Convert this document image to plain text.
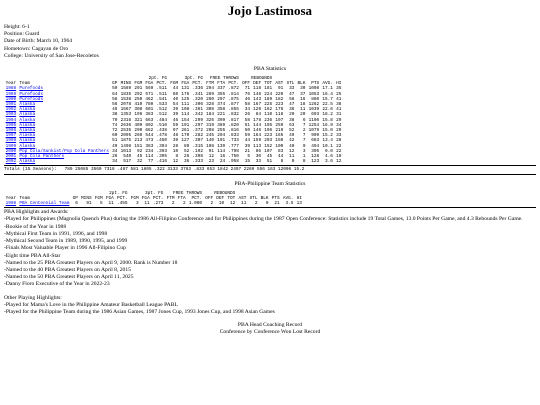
Jojo Lastimosa
Height: 6-1
Position: Guard
Date of Birth: March 10, 1964
Hometown: Cagayan de Oro
College: University of San Jose-Recoletos
PBA Statistics
				2pt. FG			3pt. FG			FREE THROWS			REBOUNDS								
Year	Team	GP	MINS	FGM	FGA	PCT.	FGM	FGA	PCT.	FTM	FTA	PCT.	OFF	DEF	TOT	AST	STL	BLK	PTS	AVG.	HI
1988	Purefoods	59	1589	291	569	.511	44	131	.336	294	337	.872	71	118	181	91	33	30	1008	17.1	35
1989	Purefoods	64	1835	292	571	.511	60	176	.341	289	355	.814	76	146	224	220	47	37	1053	16.4	25
1990	Purefoods	56	1538	250	462	.541	40	125	.320	260	297	.875	46	143	189	182	58	16	880	15.7	41
1991	Alaska	56	2078	410	780	.533	54	111	.306	328	374	.877	58	167	225	223	47	18	1262	22.5	38
1992	Alaska	46	1667	308	601	.512	39	108	.361	308	358	.855	34	120	162	176	36	11	1039	22.6	41
1993	Alaska	38	1353	196	383	.512	39	114	.342	184	221	.832	26	84	110	118	20	20	693	18.2	31
1994	Alaska	70	2316	321	663	.484	46	154	.299	326	399	.817	58	178	236	197	38	6	1106	15.8	29
1995	Alaska	74	2636	409	802	.510	59	191	.297	319	389	.820	51	144	195	259	63	7	1254	16.9	34
1996	Alaska	72	2535	290	662	.438	97	261	.372	208	255	.816	50	146	196	219	52	2	1079	15.0	29
1997	Alaska	60	2095	260	544	.478	48	170	.282	245	294	.833	59	164	223	165	49	7	909	15.2	33
1998	Alaska	51	1875	213	473	.450	39	127	.307	140	191	.733	44	159	203	150	42	7	683	13.4	28
1999	Alaska	49	1498	151	383	.394	28	89	.315	108	139	.777	39	113	152	100	40	0	494	10.1	22
2000	Pop Cola/Sunkist/Pop Cola Panthers	34	1013	92	234	.393	10	52	.192	91	114	.798	21	86	107	83	12	3	305	9.0	22
2001	Pop Cola Panthers	26	540	45	114	.395	8	26	.308	12	16	.750	5	30	45	44	11	1	128	4.6	10
2002	Alaska	34	517	32	77	.416	12	36	.333	23	24	.958	15	33	51	8	0	8	123	3.6	12
Totals (15 Seasons):   789 25085 3560 7318 .487 581 1805 .322 3133 3763 .833 653 1842 2497 2260 556 163 12006 15.2
PBA-Philippine Team Statistics
				2pt. FG			3pt. FG			FREE THROWS			REBOUNDS								
Year	Team	GP	MINS	FGM	FGA	PCT.	FGM	FGA	PCT.	FTM	FTA	PCT.	OFF	DEF	TOT	AST	STL	BLK	PTS	AVG.	HI
1998	PBA Centennial Team	6	91	5	11	.455	3	11	.273	2	2	1.000	2	10	12	11	2	0	21	3.5	13
PBA Highlights and Awards:
-Played for Philippines (Magnolia Quench Plus) during the 1986 All-Filipino Conference and for Philippines during the 1987 Open Conference: Statistics include 19 Total Games, 13.0 Points Per Game, and 4.3 Rebounds Per Game.
-Rookie of the Year in 1988
-Mythical First Team in 1991, 1996, and 1998
-Mythical Second Team in 1989, 1990, 1995, and 1999
-Finals Most Valuable Player in 1996 All-Filipino Cup
-Eight time PBA All-Star
-Named to the 25 PBA Greatest Players on April 9, 2000. Rank is Number 18
-Named to the 40 PBA Greatest Players on April 8, 2015
-Named to the 50 PBA Greatest Players on April 11, 2025
-Danny Floro Executive of the Year in 2022-23
Other Playing Highlights:
-Played for Mama's Love in the Philippine Amateur Basketball League PABL
-Played for the Philippine Team during the 1986 Asian Games, 1987 Jones Cup, 1993 Jones Cup, and 1998 Asian Games
PBA Head Coaching Record
Conference by Conference Won Lost Record
